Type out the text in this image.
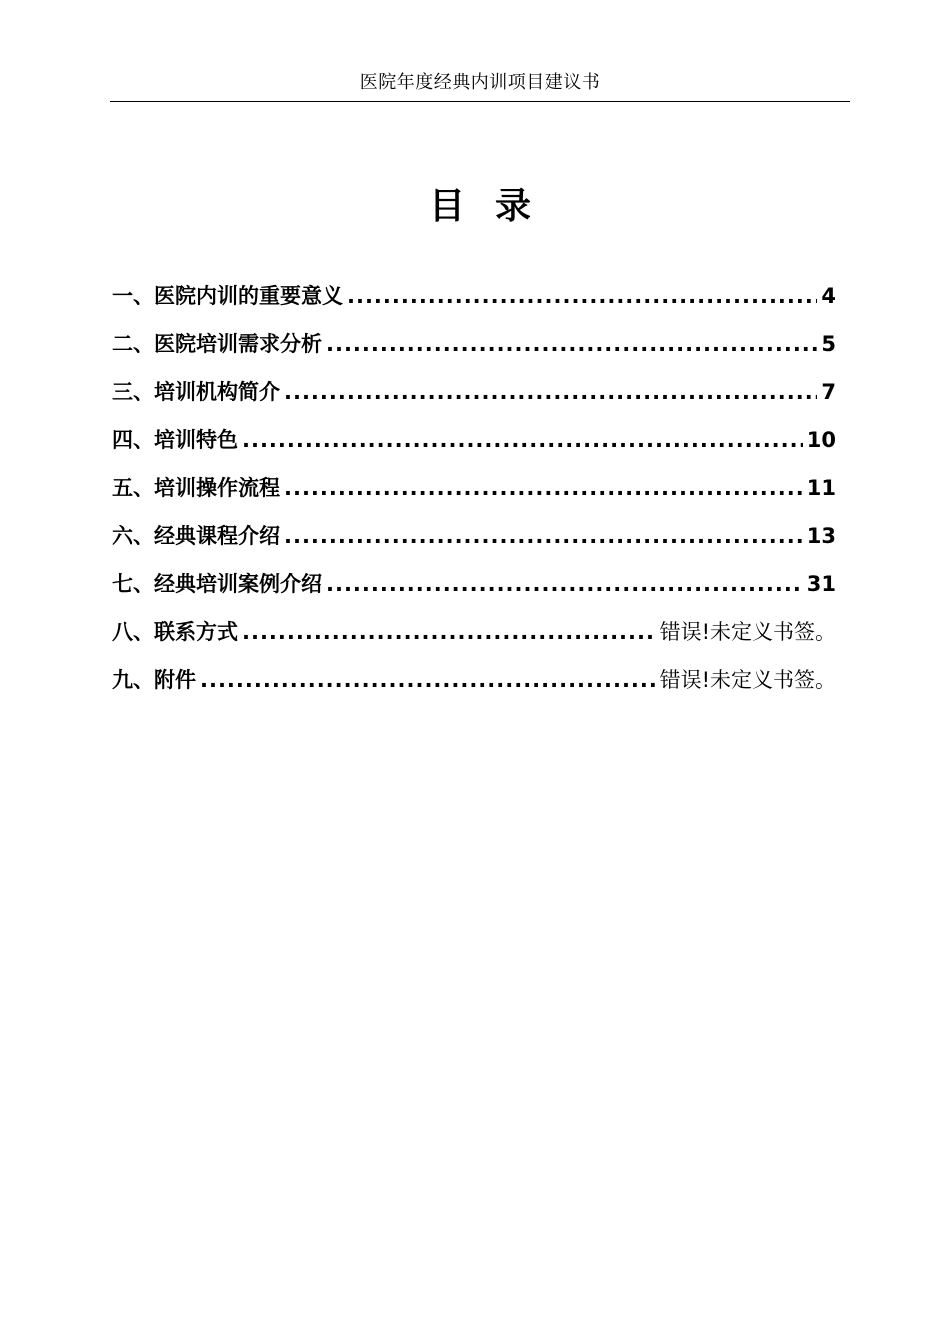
医院年度经典内训项目建议书
目录
一、医院内训的重要意义 .....	4
二、医院培训需求分析 .....	5
三、培训机构简介 .....	7
四、培训特色 .....	10
五、培训操作流程 .....	11
六、经典课程介绍 .....	13
七、经典培训案例介绍 .....	31
八、联系方式 .....	错误!未定义书签。
九、附件 .....	错误!未定义书签。
